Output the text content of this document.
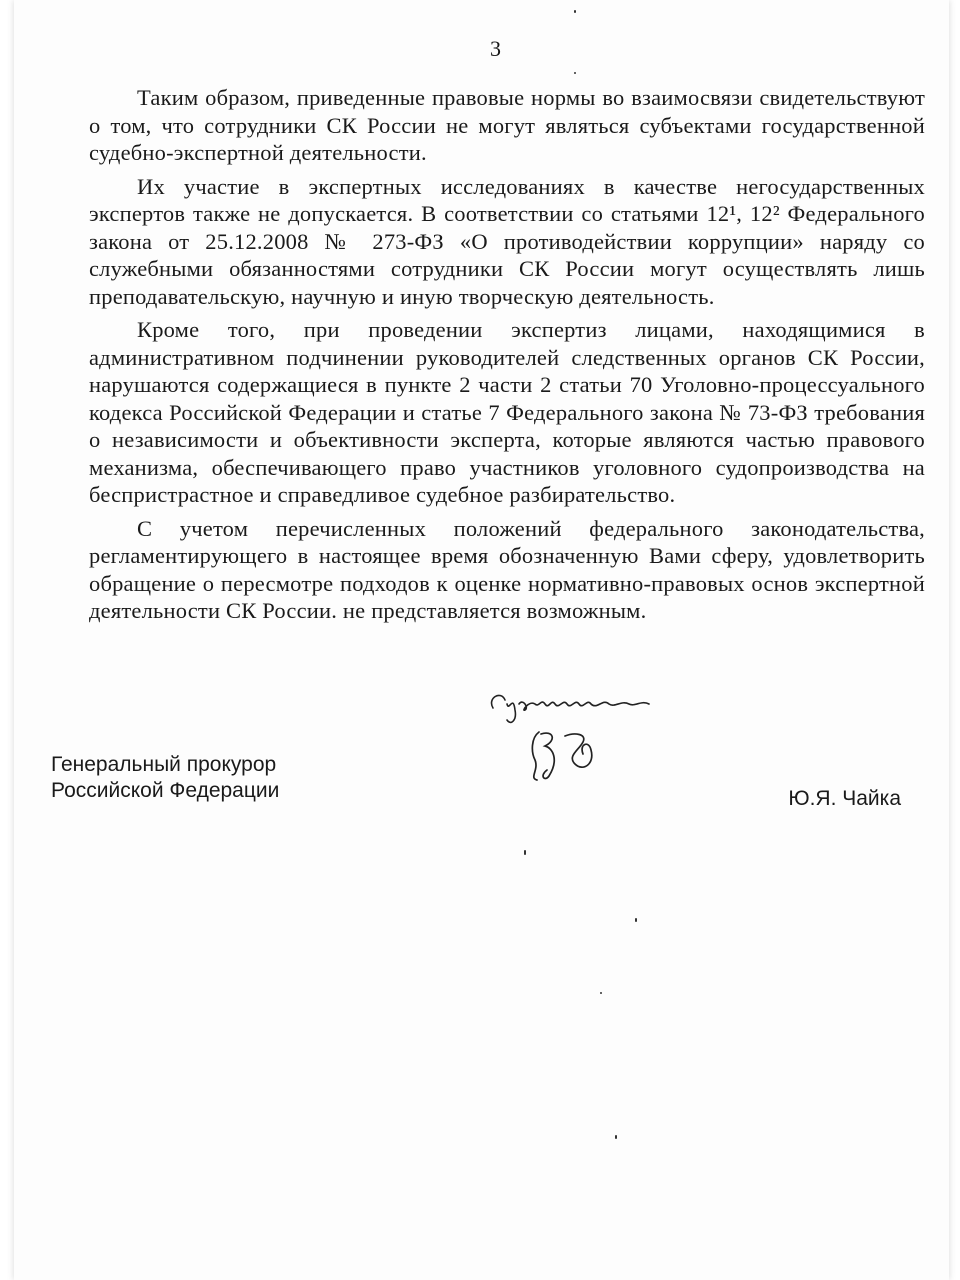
3

Таким образом, приведенные правовые нормы во взаимосвязи свидетельствуют о том, что сотрудники СК России не могут являться субъектами государственной судебно-экспертной деятельности.

Их участие в экспертных исследованиях в качестве негосударственных экспертов также не допускается. В соответствии со статьями 12¹, 12² Федерального закона от 25.12.2008 № 273-ФЗ «О противодействии коррупции» наряду со служебными обязанностями сотрудники СК России могут осуществлять лишь преподавательскую, научную и иную творческую деятельность.

Кроме того, при проведении экспертиз лицами, находящимися в административном подчинении руководителей следственных органов СК России, нарушаются содержащиеся в пункте 2 части 2 статьи 70 Уголовно-процессуального кодекса Российской Федерации и статье 7 Федерального закона № 73-ФЗ требования о независимости и объективности эксперта, которые являются частью правового механизма, обеспечивающего право участников уголовного судопроизводства на беспристрастное и справедливое судебное разбирательство.

С учетом перечисленных положений федерального законодательства, регламентирующего в настоящее время обозначенную Вами сферу, удовлетворить обращение о пересмотре подходов к оценке нормативно-правовых основ экспертной деятельности СК России. не представляется возможным.

Генеральный прокурор
Российской Федерации	Ю.Я. Чайка
